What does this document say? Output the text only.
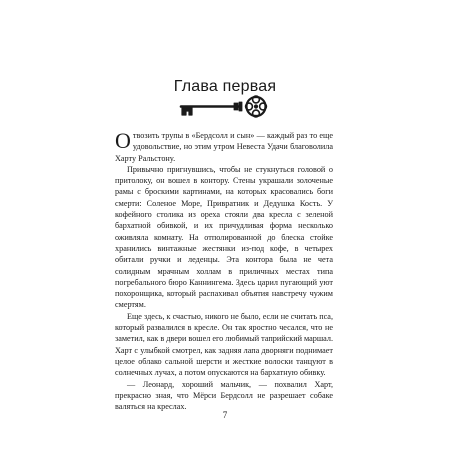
Глава первая

Отвозить трупы в «Бердсолл и сын» — каждый раз то еще удовольствие, но этим утром Невеста Удачи благоволила Харту Ральстону.

Привычно пригнувшись, чтобы не стукнуться головой о притолоку, он вошел в контору. Стены украшали золоченые рамы с броскими картинами, на которых красовались боги смерти: Соленое Море, Привратник и Дедушка Кость. У кофейного столика из ореха стояли два кресла с зеленой бархатной обивкой, и их причудливая форма несколько оживляла комнату. На отполированной до блеска стойке хранились винтажные жестянки из-под кофе, в четырех обитали ручки и леденцы. Эта контора была не чета солидным мрачным холлам в приличных местах типа погребального бюро Каннингема. Здесь царил пугающий уют похоронщика, который распахивал объятия навстречу чужим смертям.

Еще здесь, к счастью, никого не было, если не считать пса, который развалился в кресле. Он так яростно чесался, что не заметил, как в двери вошел его любимый таприйский маршал. Харт с улыбкой смотрел, как задняя лапа дворняги поднимает целое облако сальной шерсти и жесткие волоски танцуют в солнечных лучах, а потом опускаются на бархатную обивку.

— Леонард, хороший мальчик, — похвалил Харт, прекрасно зная, что Мёрси Бердсолл не разрешает собаке валяться на креслах.

7
